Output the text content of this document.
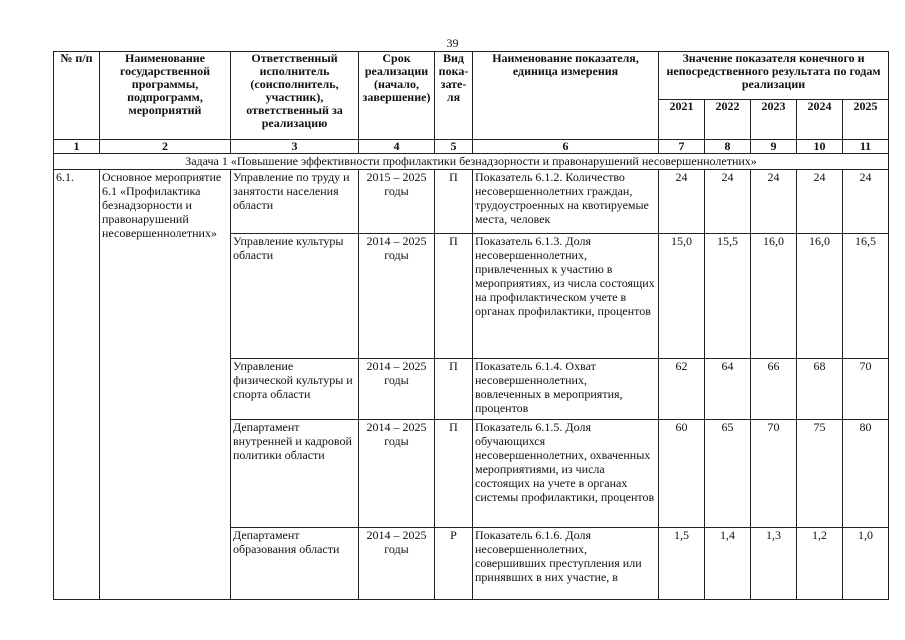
39
№ п/п	Наименование государственной программы, подпрограмм, мероприятий	Ответственный исполнитель (соисполнитель, участник), ответственный за реализацию	Срок реализации (начало, завершение)	Вид пока-зате-ля	Наименование показателя, единица измерения	Значение показателя конечного и непосредственного результата по годам реализации				
						2021	2022	2023	2024	2025
1	2	3	4	5	6	7	8	9	10	11
Задача 1 «Повышение эффективности профилактики безнадзорности и правонарушений несовершеннолетних»										
6.1.	Основное мероприятие 6.1 «Профилактика безнадзорности и правонарушений несовершеннолетних»	Управление по труду и занятости населения области	2015 – 2025 годы	П	Показатель 6.1.2. Количество несовершеннолетних граждан, трудоустроенных на квотируемые места, человек	24	24	24	24	24
		Управление культуры области	2014 – 2025 годы	П	Показатель 6.1.3. Доля несовершеннолетних, привлеченных к участию в мероприятиях, из числа состоящих на профилактическом учете в органах профилактики, процентов	15,0	15,5	16,0	16,0	16,5
		Управление физической культуры и спорта области	2014 – 2025 годы	П	Показатель 6.1.4. Охват несовершеннолетних, вовлеченных в мероприятия, процентов	62	64	66	68	70
		Департамент внутренней и кадровой политики области	2014 – 2025 годы	П	Показатель 6.1.5. Доля обучающихся несовершеннолетних, охваченных мероприятиями, из числа состоящих на учете в органах системы профилактики, процентов	60	65	70	75	80
		Департамент образования области	2014 – 2025 годы	Р	Показатель 6.1.6. Доля несовершеннолетних, совершивших преступления или принявших в них участие, в	1,5	1,4	1,3	1,2	1,0
